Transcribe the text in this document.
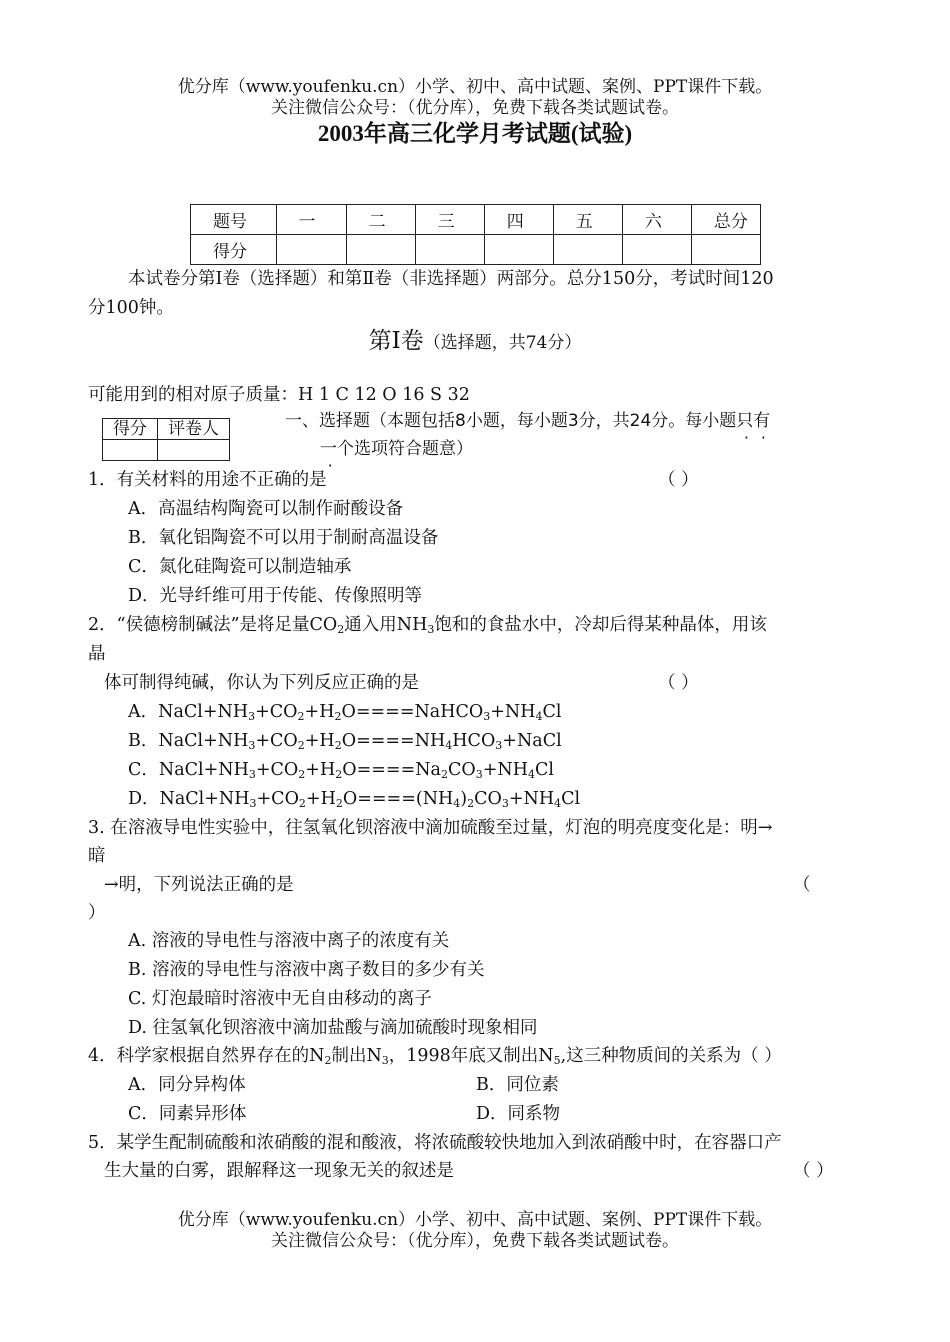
优分库（www.youfenku.cn）小学、初中、高中试题、案例、PPT课件下载。
关注微信公众号：（优分库），免费下载各类试题试卷。
2003年高三化学月考试题(试验)
题号	一	二	三	四	五	六	总分
得分							
本试卷分第Ⅰ卷（选择题）和第Ⅱ卷（非选择题）两部分。总分150分，考试时间120
分100钟。
第Ⅰ卷（选择题，共74分）
可能用到的相对原子质量：H 1 C 12 O 16 S 32
得分	评卷人
		一、选择题（本题包括8小题，每小题3分，共24分。每小题只有
一个选项符合题意）
1．有关材料的用途不正确的是	（ ）
A．高温结构陶瓷可以制作耐酸设备
B．氧化铝陶瓷不可以用于制耐高温设备
C．氮化硅陶瓷可以制造轴承
D．光导纤维可用于传能、传像照明等
2．“侯德榜制碱法”是将足量$CO_2$通入用$NH_3$饱和的食盐水中，冷却后得某种晶体，用该
晶
体可制得纯碱，你认为下列反应正确的是	（ ）
A．$NaCl+NH_3+CO_2+H_2O====NaHCO_3+NH_4Cl$
B．$NaCl+NH_3+CO_2+H_2O====NH_4HCO_3+NaCl$
C．$NaCl+NH_3+CO_2+H_2O====Na_2CO_3+NH_4Cl$
D．$NaCl+NH_3+CO_2+H_2O====(NH_4)_2CO_3+NH_4Cl$
3. 在溶液导电性实验中，往氢氧化钡溶液中滴加硫酸至过量，灯泡的明亮度变化是：明→
暗
→明，下列说法正确的是	（
）
A. 溶液的导电性与溶液中离子的浓度有关
B. 溶液的导电性与溶液中离子数目的多少有关
C. 灯泡最暗时溶液中无自由移动的离子
D. 往氢氧化钡溶液中滴加盐酸与滴加硫酸时现象相同
4．科学家根据自然界存在的$N_2$制出$N_3$，1998年底又制出$N_5$,这三种物质间的关系为（ ）
A．同分异构体	B．同位素
C．同素异形体	D．同系物
5．某学生配制硫酸和浓硝酸的混和酸液，将浓硫酸较快地加入到浓硝酸中时，在容器口产
生大量的白雾，跟解释这一现象无关的叙述是	（ ）
优分库（www.youfenku.cn）小学、初中、高中试题、案例、PPT课件下载。
关注微信公众号：（优分库），免费下载各类试题试卷。
